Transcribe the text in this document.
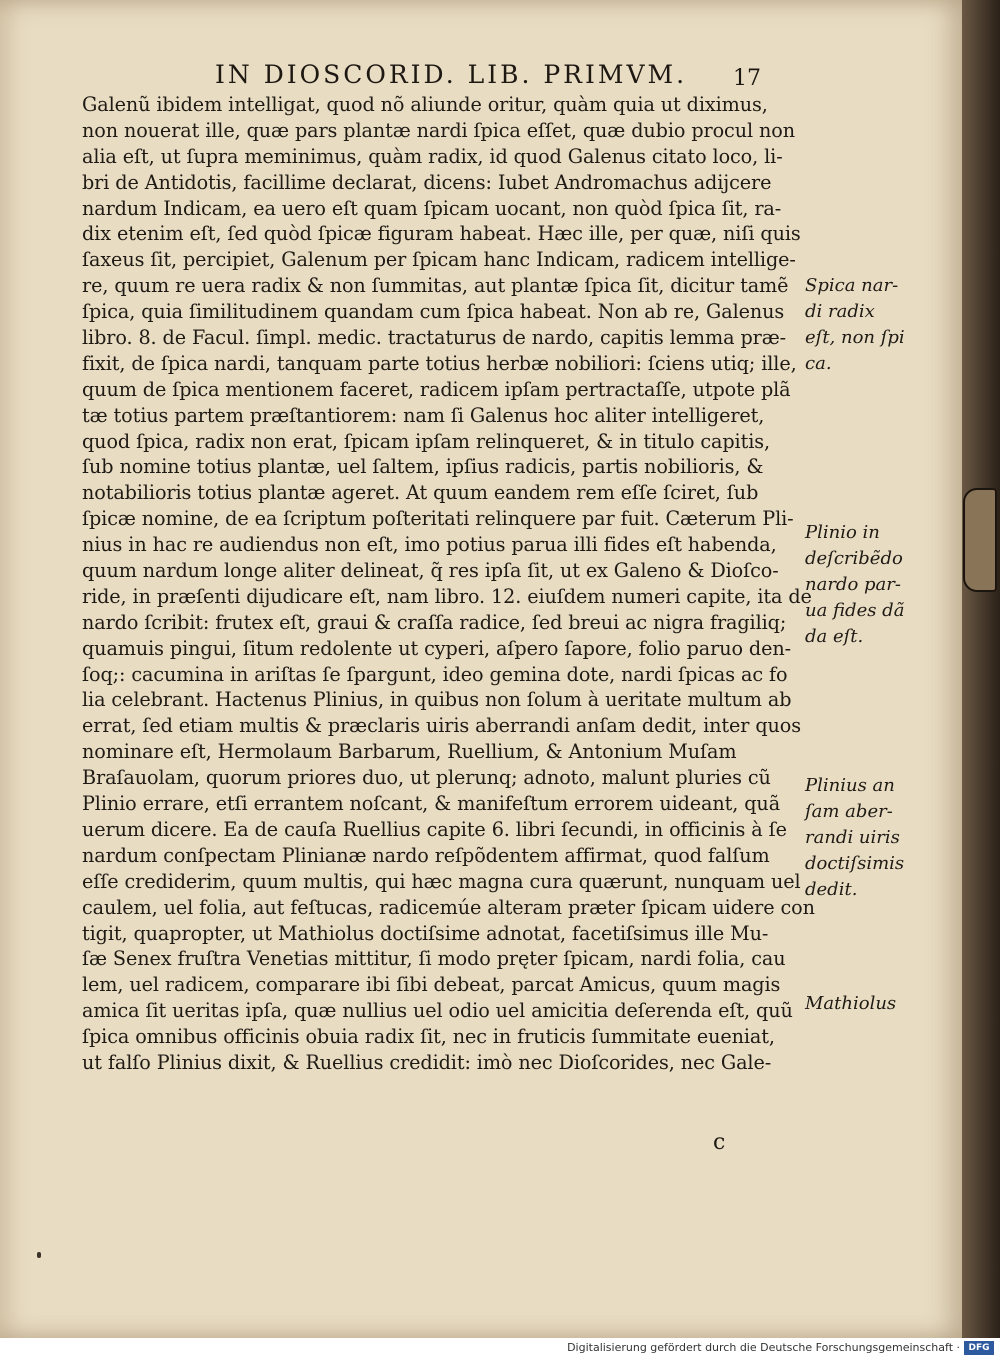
IN DIOSCORID. LIB. PRIMVM.	17
Galenũ ibidem intelligat, quod nõ aliunde oritur, quàm quia ut diximus,
non nouerat ille, quæ pars plantæ nardi ſpica eſſet, quæ dubio procul non
alia eſt, ut ſupra meminimus, quàm radix, id quod Galenus citato loco, li-
bri de Antidotis, facillime declarat, dicens: Iubet Andromachus adijcere
nardum Indicam, ea uero eſt quam ſpicam uocant, non quòd ſpica ſit, ra-
dix etenim eſt, ſed quòd ſpicæ figuram habeat. Hæc ille, per quæ, niſi quis
ſaxeus ſit, percipiet, Galenum per ſpicam hanc Indicam, radicem intellige-
re, quum re uera radix & non ſummitas, aut plantæ ſpica ſit, dicitur tamẽ
ſpica, quia ſimilitudinem quandam cum ſpica habeat. Non ab re, Galenus
libro. 8. de Facul. ſimpl. medic. tractaturus de nardo, capitis lemma præ-
fixit, de ſpica nardi, tanquam parte totius herbæ nobiliori: ſciens utiq; ille,
quum de ſpica mentionem faceret, radicem ipſam pertractaſſe, utpote plã
tæ totius partem præſtantiorem: nam ſi Galenus hoc aliter intelligeret,
quod ſpica, radix non erat, ſpicam ipſam relinqueret, & in titulo capitis,
ſub nomine totius plantæ, uel ſaltem, ipſius radicis, partis nobilioris, &
notabilioris totius plantæ ageret. At quum eandem rem eſſe ſciret, ſub
ſpicæ nomine, de ea ſcriptum poſteritati relinquere par fuit. Cæterum Pli-
nius in hac re audiendus non eſt, imo potius parua illi fides eſt habenda,
quum nardum longe aliter delineat, q̃ res ipſa ſit, ut ex Galeno & Dioſco-
ride, in præſenti dijudicare eſt, nam libro. 12. eiuſdem numeri capite, ita de
nardo ſcribit: frutex eſt, graui & craſſa radice, ſed breui ac nigra fragiliq;
quamuis pingui, ſitum redolente ut cyperi, aſpero ſapore, folio paruo den-
ſoq;: cacumina in ariſtas ſe ſpargunt, ideo gemina dote, nardi ſpicas ac fo
lia celebrant. Hactenus Plinius, in quibus non ſolum à ueritate multum ab
errat, ſed etiam multis & præclaris uiris aberrandi anſam dedit, inter quos
nominare eſt, Hermolaum Barbarum, Ruellium, & Antonium Muſam
Braſauolam, quorum priores duo, ut plerunq; adnoto, malunt pluries cũ
Plinio errare, etſi errantem noſcant, & manifeſtum errorem uideant, quã
uerum dicere. Ea de cauſa Ruellius capite 6. libri ſecundi, in officinis à ſe
nardum conſpectam Plinianæ nardo reſpõdentem affirmat, quod falſum
eſſe crediderim, quum multis, qui hæc magna cura quærunt, nunquam uel
caulem, uel folia, aut feſtucas, radicemúe alteram præter ſpicam uidere con
tigit, quapropter, ut Mathiolus doctiſsime adnotat, facetiſsimus ille Mu-
ſæ Senex fruſtra Venetias mittitur, ſi modo pręter ſpicam, nardi folia, cau
lem, uel radicem, comparare ibi ſibi debeat, parcat Amicus, quum magis
amica ſit ueritas ipſa, quæ nullius uel odio uel amicitia deſerenda eſt, quũ
ſpica omnibus officinis obuia radix ſit, nec in fruticis ſummitate eueniat,
ut falſo Plinius dixit, & Ruellius credidit: imò nec Dioſcorides, nec Gale-
Spica nar-
di radix
eſt, non ſpi
ca.
Plinio in
deſcribẽdo
nardo par-
ua fides dã
da eſt.
Plinius an
ſam aber-
randi uiris
doctiſsimis
dedit.
Mathiolus
c
Digitalisierung gefördert durch die Deutsche Forschungsgemeinschaft · DFG
